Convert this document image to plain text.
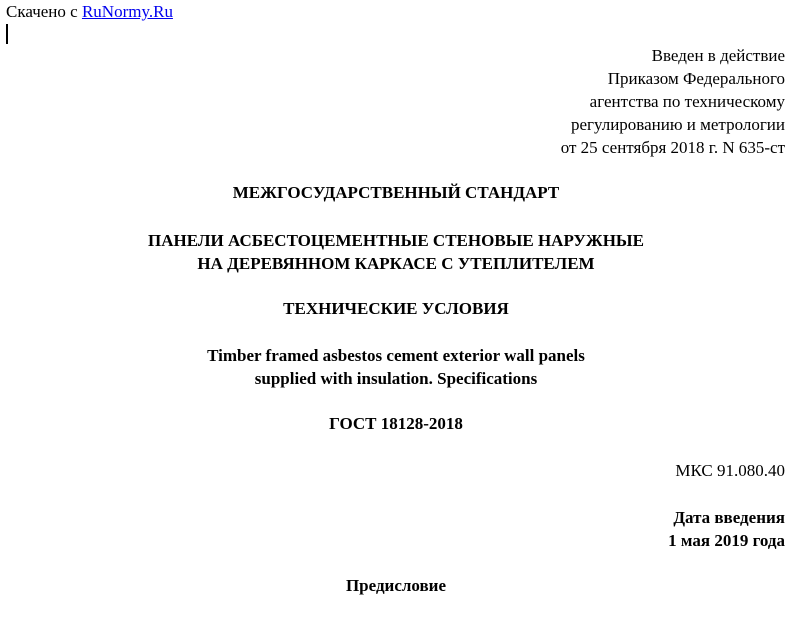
Скачено с RuNormy.Ru
Введен в действие
Приказом Федерального
агентства по техническому
регулированию и метрологии
от 25 сентября 2018 г. N 635-ст
МЕЖГОСУДАРСТВЕННЫЙ СТАНДАРТ
ПАНЕЛИ АСБЕСТОЦЕМЕНТНЫЕ СТЕНОВЫЕ НАРУЖНЫЕ
НА ДЕРЕВЯННОМ КАРКАСЕ С УТЕПЛИТЕЛЕМ
ТЕХНИЧЕСКИЕ УСЛОВИЯ
Timber framed asbestos cement exterior wall panels
supplied with insulation. Specifications
ГОСТ 18128-2018
МКС 91.080.40
Дата введения
1 мая 2019 года
Предисловие
